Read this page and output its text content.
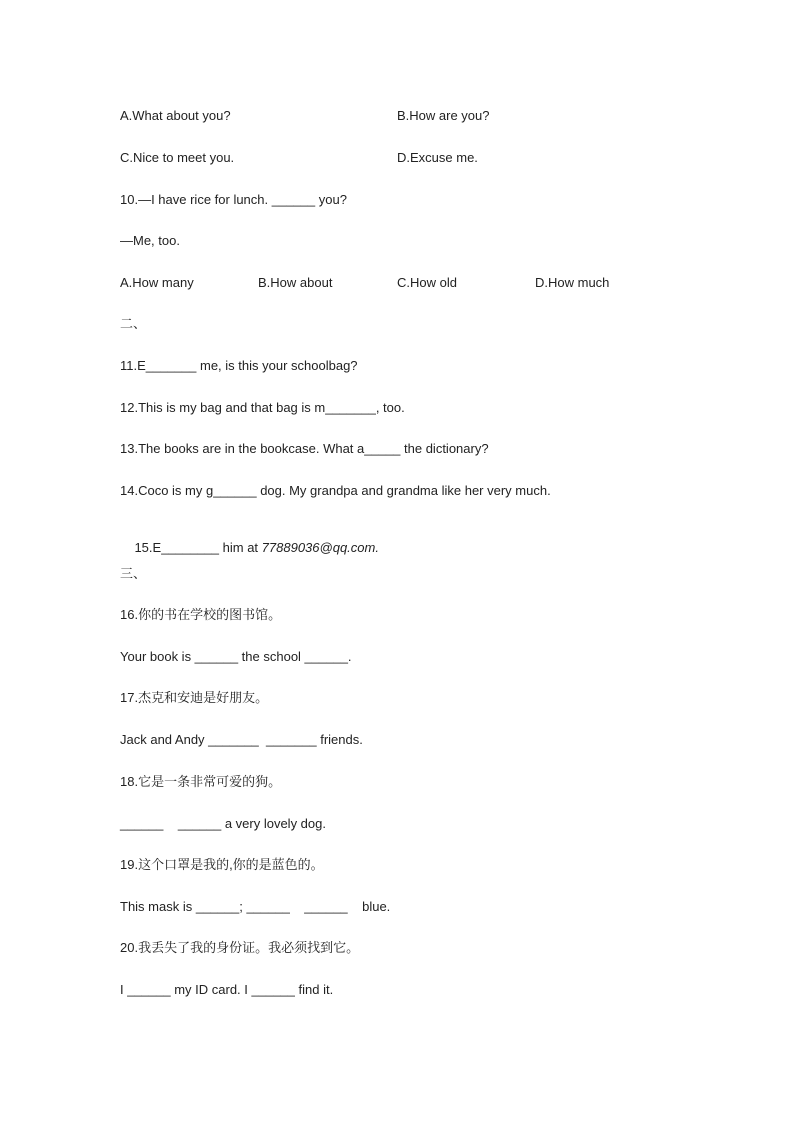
A.What about you?	B.How are you?
C.Nice to meet you.	D.Excuse me.
10.—I have rice for lunch. ______ you?
—Me, too.
A.How many	B.How about	C.How old	D.How much
二、
11.E_______ me, is this your schoolbag?
12.This is my bag and that bag is m_______, too.
13.The books are in the bookcase. What a_____ the dictionary?
14.Coco is my g______ dog. My grandpa and grandma like her very much.

15.E________ him at 77889036@qq.com.

三、
16.你的书在学校的图书馆。
Your book is ______ the school ______.
17.杰克和安迪是好朋友。
Jack and Andy _______  _______ friends.
18.它是一条非常可爱的狗。
______    ______ a very lovely dog.
19.这个口罩是我的,你的是蓝色的。
This mask is ______; ______    ______    blue.
20.我丢失了我的身份证。我必须找到它。
I ______ my ID card. I ______ find it.
